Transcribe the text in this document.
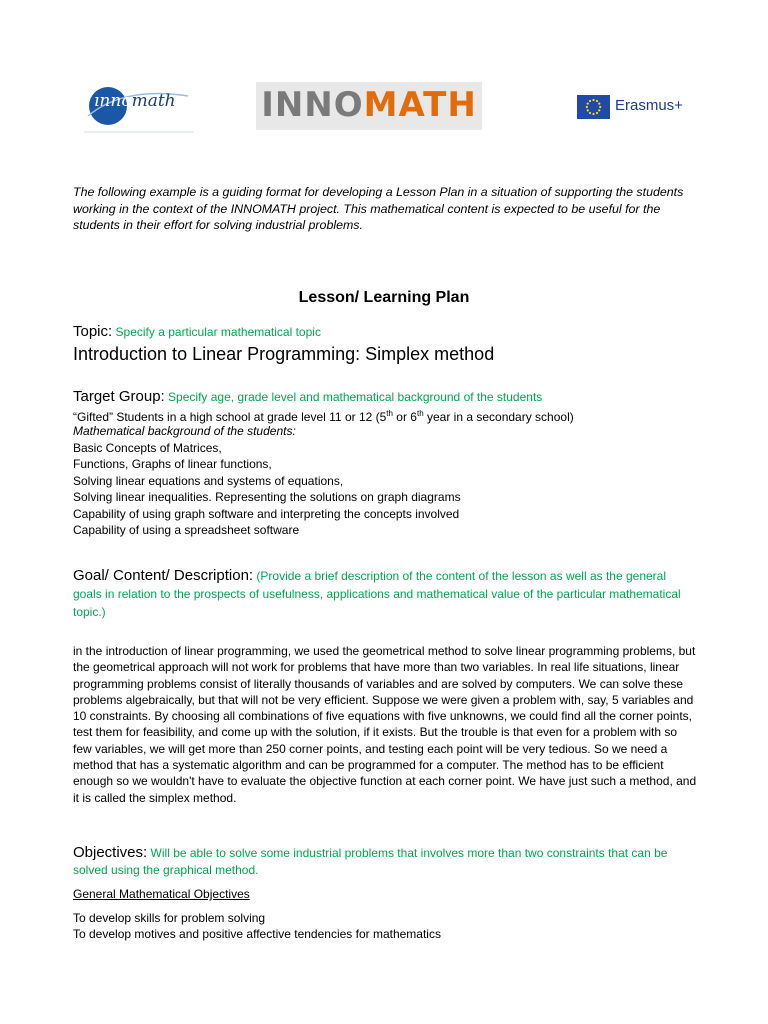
ınnomath	INNOMATH	Erasmus+
The following example is a guiding format for developing a Lesson Plan in a situation of supporting the students working in the context of the INNOMATH project. This mathematical content is expected to be useful for the students in their effort for solving industrial problems.
Lesson/ Learning Plan
Topic: Specify a particular mathematical topic
Introduction to Linear Programming: Simplex method
Target Group: Specify age, grade level and mathematical background of the students
“Gifted” Students in a high school at grade level 11 or 12 (5th or 6th year in a secondary school)
Mathematical background of the students:
Basic Concepts of Matrices,
Functions, Graphs of linear functions,
Solving linear equations and systems of equations,
Solving linear inequalities. Representing the solutions on graph diagrams
Capability of using graph software and interpreting the concepts involved
Capability of using a spreadsheet software
Goal/ Content/ Description: (Provide a brief description of the content of the lesson as well as the general goals in relation to the prospects of usefulness, applications and mathematical value of the particular mathematical topic.)
in the introduction of linear programming, we used the geometrical method to solve linear programming problems, but the geometrical approach will not work for problems that have more than two variables. In real life situations, linear programming problems consist of literally thousands of variables and are solved by computers. We can solve these problems algebraically, but that will not be very efficient. Suppose we were given a problem with, say, 5 variables and 10 constraints. By choosing all combinations of five equations with five unknowns, we could find all the corner points, test them for feasibility, and come up with the solution, if it exists. But the trouble is that even for a problem with so few variables, we will get more than 250 corner points, and testing each point will be very tedious. So we need a method that has a systematic algorithm and can be programmed for a computer. The method has to be efficient enough so we wouldn't have to evaluate the objective function at each corner point. We have just such a method, and it is called the simplex method.
Objectives: Will be able to solve some industrial problems that involves more than two constraints that can be solved using the graphical method.
General Mathematical Objectives
To develop skills for problem solving
To develop motives and positive affective tendencies for mathematics
